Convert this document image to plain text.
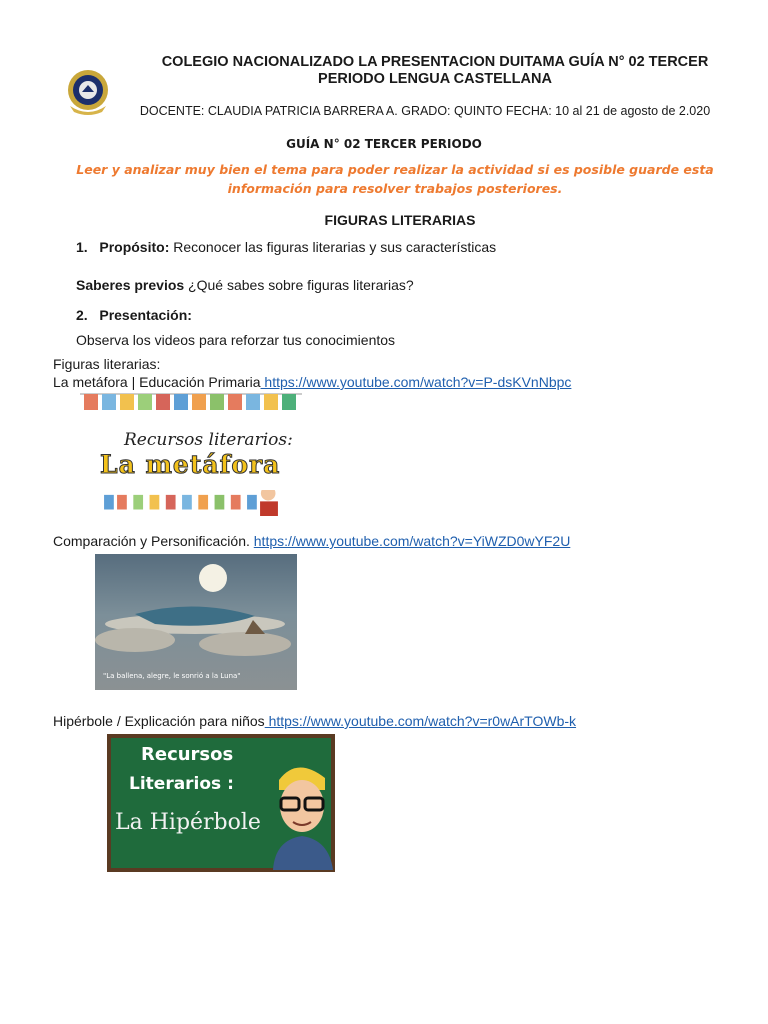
COLEGIO NACIONALIZADO LA PRESENTACION DUITAMA GUÍA N° 02 TERCER PERIODO LENGUA CASTELLANA
DOCENTE: CLAUDIA PATRICIA BARRERA A. GRADO: QUINTO FECHA: 10 al 21 de agosto de 2.020
GUÍA N° 02 TERCER PERIODO
Leer y analizar muy bien el tema para poder realizar la actividad si es posible guarde esta información para resolver trabajos posteriores.
FIGURAS LITERARIAS
1. Propósito: Reconocer las figuras literarias y sus características
Saberes previos ¿Qué sabes sobre figuras literarias?
2. Presentación:
Observa los videos para reforzar tus conocimientos
Figuras literarias:
La metáfora | Educación Primaria https://www.youtube.com/watch?v=P-dsKVnNbpc
Recursos literarios:
La metáfora
Comparación y Personificación. https://www.youtube.com/watch?v=YiWZD0wYF2U
"La ballena, alegre, le sonrió a la Luna"
Hipérbole / Explicación para niños https://www.youtube.com/watch?v=r0wArTOWb-k
Recursos
Literarios :
La Hipérbole
